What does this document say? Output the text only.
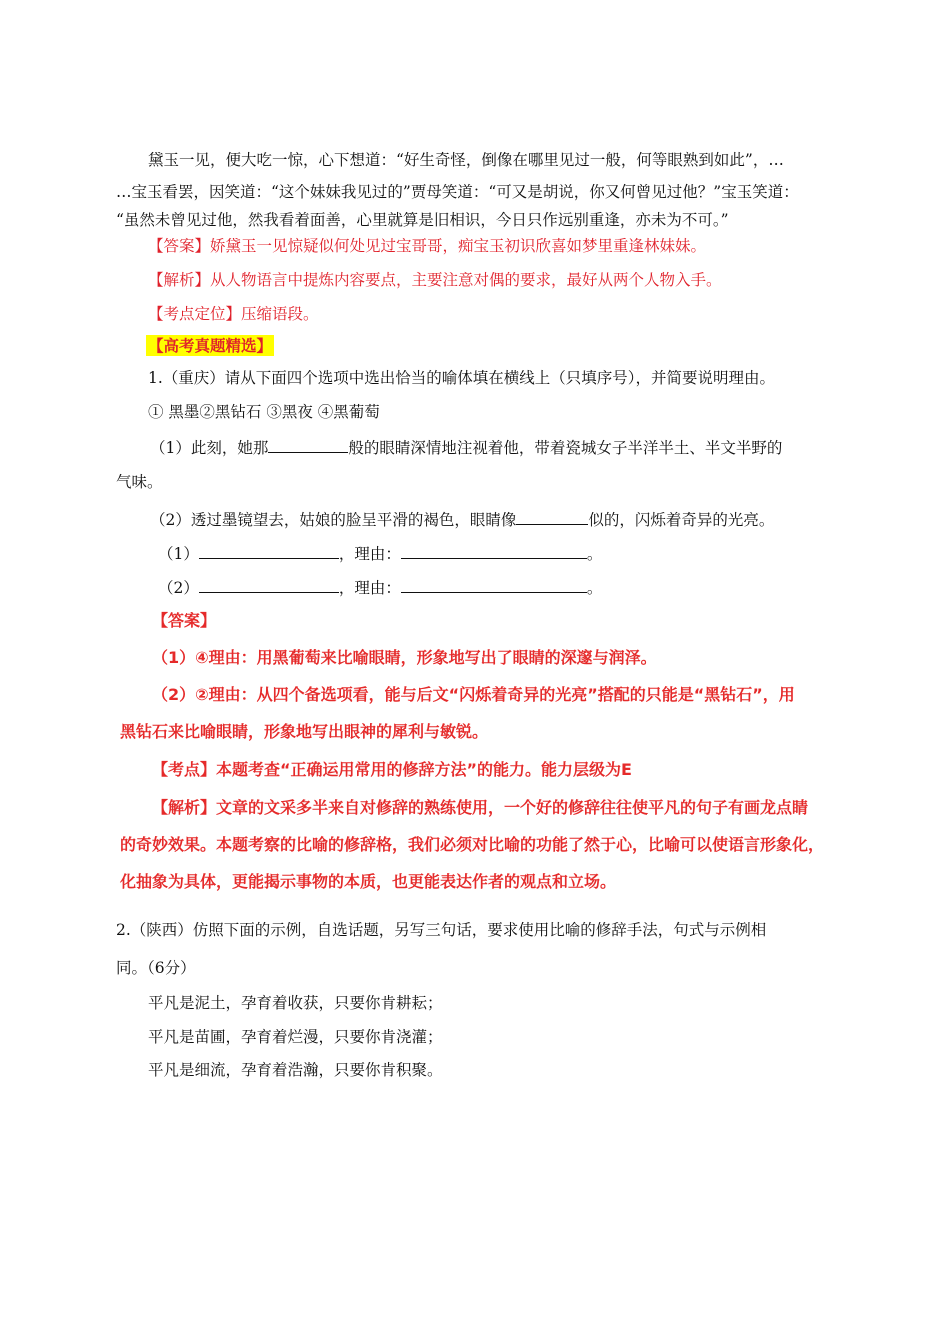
黛玉一见，便大吃一惊，心下想道：“好生奇怪，倒像在哪里见过一般，何等眼熟到如此”，…
…宝玉看罢，因笑道：“这个妹妹我见过的”贾母笑道：“可又是胡说，你又何曾见过他？”宝玉笑道：
“虽然未曾见过他，然我看着面善，心里就算是旧相识，今日只作远别重逢，亦未为不可。”
【答案】娇黛玉一见惊疑似何处见过宝哥哥，痴宝玉初识欣喜如梦里重逢林妹妹。
【解析】从人物语言中提炼内容要点，主要注意对偶的要求，最好从两个人物入手。
【考点定位】压缩语段。
【高考真题精选】
1.（重庆）请从下面四个选项中选出恰当的喻体填在横线上（只填序号），并简要说明理由。
① 黑墨②黑钻石 ③黑夜 ④黑葡萄
（1）此刻，她那	般的眼睛深情地注视着他，带着瓷城女子半洋半土、半文半野的
气味。
（2）透过墨镜望去，姑娘的脸呈平滑的褐色，眼睛像	似的，闪烁着奇异的光亮。
（1）	，理由：	。
（2）	，理由：	。
【答案】
（1）④理由：用黑葡萄来比喻眼睛，形象地写出了眼睛的深邃与润泽。
（2）②理由：从四个备选项看，能与后文“闪烁着奇异的光亮”搭配的只能是“黑钻石”，用
黑钻石来比喻眼睛，形象地写出眼神的犀利与敏锐。
【考点】本题考查“正确运用常用的修辞方法”的能力。能力层级为E
【解析】文章的文采多半来自对修辞的熟练使用，一个好的修辞往往使平凡的句子有画龙点睛
的奇妙效果。本题考察的比喻的修辞格，我们必须对比喻的功能了然于心，比喻可以使语言形象化，
化抽象为具体，更能揭示事物的本质，也更能表达作者的观点和立场。
2.（陕西）仿照下面的示例，自选话题，另写三句话，要求使用比喻的修辞手法，句式与示例相
同。（6分）
平凡是泥土，孕育着收获，只要你肯耕耘；
平凡是苗圃，孕育着烂漫，只要你肯浇灌；
平凡是细流，孕育着浩瀚，只要你肯积聚。
